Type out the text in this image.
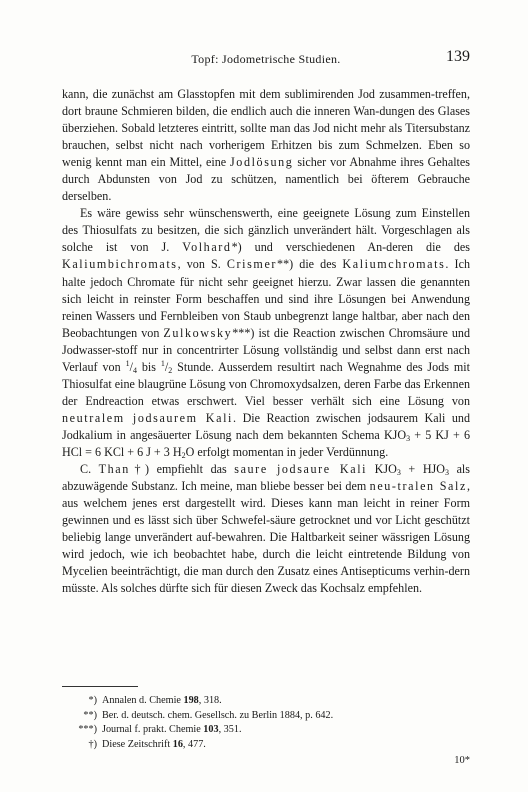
Topf: Jodometrische Studien.	139

kann, die zunächst am Glasstopfen mit dem sublimirenden Jod zusammen-treffen, dort braune Schmieren bilden, die endlich auch die inneren Wan-dungen des Glases überziehen. Sobald letzteres eintritt, sollte man das Jod nicht mehr als Titersubstanz brauchen, selbst nicht nach vorherigem Erhitzen bis zum Schmelzen. Eben so wenig kennt man ein Mittel, eine Jodlösung sicher vor Abnahme ihres Gehaltes durch Abdunsten von Jod zu schützen, namentlich bei öfterem Gebrauche derselben.

Es wäre gewiss sehr wünschenswerth, eine geeignete Lösung zum Einstellen des Thiosulfats zu besitzen, die sich gänzlich unverändert hält. Vorgeschlagen als solche ist von J. Volhard*) und verschiedenen An-deren die des Kaliumbichromats, von S. Crismer**) die des Kaliumchromats. Ich halte jedoch Chromate für nicht sehr geeignet hierzu. Zwar lassen die genannten sich leicht in reinster Form beschaffen und sind ihre Lösungen bei Anwendung reinen Wassers und Fernbleiben von Staub unbegrenzt lange haltbar, aber nach den Beobachtungen von Zulkowsky***) ist die Reaction zwischen Chromsäure und Jodwasser-stoff nur in concentrirter Lösung vollständig und selbst dann erst nach Verlauf von $^1/_4$ bis $^1/_2$ Stunde. Ausserdem resultirt nach Wegnahme des Jods mit Thiosulfat eine blaugrüne Lösung von Chromoxydsalzen, deren Farbe das Erkennen der Endreaction etwas erschwert. Viel besser verhält sich eine Lösung von neutralem jodsaurem Kali. Die Reaction zwischen jodsaurem Kali und Jodkalium in angesäuerter Lösung nach dem bekannten Schema $KJO_3 + 5$ KJ + 6 HCl = 6 KCl + 6 J + 3 $H_2O$ erfolgt momentan in jeder Verdünnung.

C. Than†) empfiehlt das saure jodsaure Kali $KJO_3 + HJO_3$ als abzuwägende Substanz. Ich meine, man bliebe besser bei dem neu-tralen Salz, aus welchem jenes erst dargestellt wird. Dieses kann man leicht in reiner Form gewinnen und es lässt sich über Schwefel-säure getrocknet und vor Licht geschützt beliebig lange unverändert auf-bewahren. Die Haltbarkeit seiner wässrigen Lösung wird jedoch, wie ich beobachtet habe, durch die leicht eintretende Bildung von Mycelien beeinträchtigt, die man durch den Zusatz eines Antisepticums verhin-dern müsste. Als solches dürfte sich für diesen Zweck das Kochsalz empfehlen.

*) Annalen d. Chemie 198, 318.
**) Ber. d. deutsch. chem. Gesellsch. zu Berlin 1884, p. 642.
***) Journal f. prakt. Chemie 103, 351.
†) Diese Zeitschrift 16, 477.
10*
